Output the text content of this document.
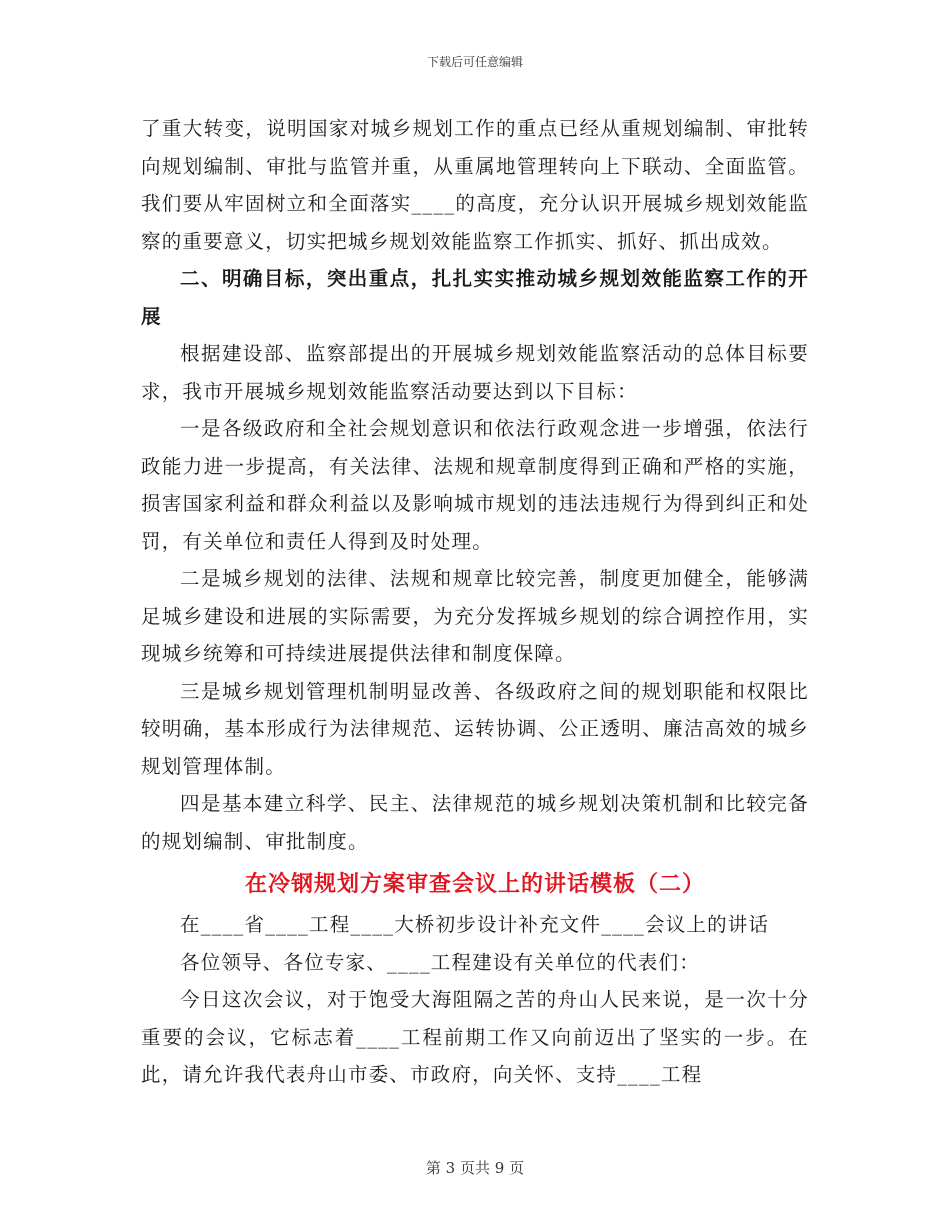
下载后可任意编辑

了重大转变，说明国家对城乡规划工作的重点已经从重规划编制、审批转向规划编制、审批与监管并重，从重属地管理转向上下联动、全面监管。我们要从牢固树立和全面落实____的高度，充分认识开展城乡规划效能监察的重要意义，切实把城乡规划效能监察工作抓实、抓好、抓出成效。

二、明确目标，突出重点，扎扎实实推动城乡规划效能监察工作的开展

根据建设部、监察部提出的开展城乡规划效能监察活动的总体目标要求，我市开展城乡规划效能监察活动要达到以下目标：

一是各级政府和全社会规划意识和依法行政观念进一步增强，依法行政能力进一步提高，有关法律、法规和规章制度得到正确和严格的实施，损害国家利益和群众利益以及影响城市规划的违法违规行为得到纠正和处罚，有关单位和责任人得到及时处理。

二是城乡规划的法律、法规和规章比较完善，制度更加健全，能够满足城乡建设和进展的实际需要，为充分发挥城乡规划的综合调控作用，实现城乡统筹和可持续进展提供法律和制度保障。

三是城乡规划管理机制明显改善、各级政府之间的规划职能和权限比较明确，基本形成行为法律规范、运转协调、公正透明、廉洁高效的城乡规划管理体制。

四是基本建立科学、民主、法律规范的城乡规划决策机制和比较完备的规划编制、审批制度。

在冷钢规划方案审查会议上的讲话模板（二）

在____省____工程____大桥初步设计补充文件____会议上的讲话

各位领导、各位专家、____工程建设有关单位的代表们：

今日这次会议，对于饱受大海阻隔之苦的舟山人民来说，是一次十分重要的会议，它标志着____工程前期工作又向前迈出了坚实的一步。在此，请允许我代表舟山市委、市政府，向关怀、支持____工程

第 3 页共 9 页
